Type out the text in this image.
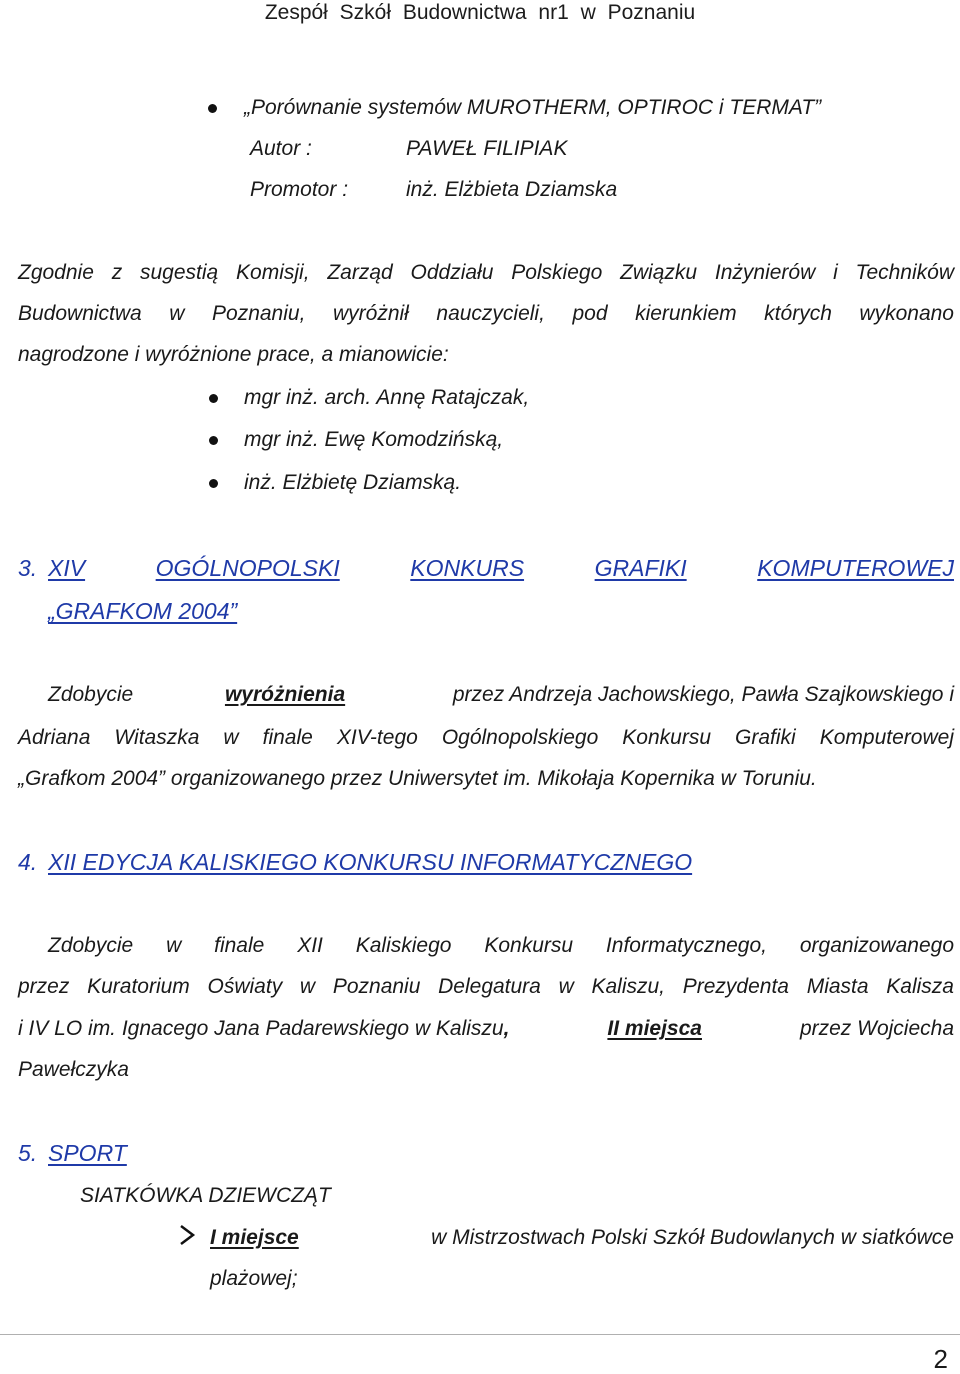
Zespół Szkół Budownictwa nr1 w Poznaniu
„Porównanie systemów MUROTHERM, OPTIROC i TERMAT”
Autor :	PAWEŁ FILIPIAK
Promotor :	inż. Elżbieta Dziamska
Zgodnie z sugestią Komisji, Zarząd Oddziału Polskiego Związku Inżynierów i Techników
Budownictwa w Poznaniu, wyróżnił nauczycieli, pod kierunkiem których wykonano
nagrodzone i wyróżnione prace, a mianowicie:
mgr inż. arch. Annę Ratajczak,
mgr inż. Ewę Komodzińską,
inż. Elżbietę Dziamską.
3. XIV	OGÓLNOPOLSKI	KONKURS	GRAFIKI	KOMPUTEROWEJ
„GRAFKOM 2004”
Zdobycie	wyróżnienia	przez Andrzeja Jachowskiego, Pawła Szajkowskiego i
Adriana Witaszka w finale XIV-tego Ogólnopolskiego Konkursu Grafiki Komputerowej
„Grafkom 2004” organizowanego przez Uniwersytet im. Mikołaja Kopernika w Toruniu.
4. XII EDYCJA KALISKIEGO KONKURSU INFORMATYCZNEGO
Zdobycie w finale XII Kaliskiego Konkursu Informatycznego, organizowanego
przez Kuratorium Oświaty w Poznaniu Delegatura w Kaliszu, Prezydenta Miasta Kalisza
i IV LO im. Ignacego Jana Padarewskiego w Kaliszu,	II miejsca	przez Wojciecha
Pawełczyka
5. SPORT
SIATKÓWKA DZIEWCZĄT
I miejsce	w Mistrzostwach Polski Szkół Budowlanych w siatkówce
plażowej;
2
